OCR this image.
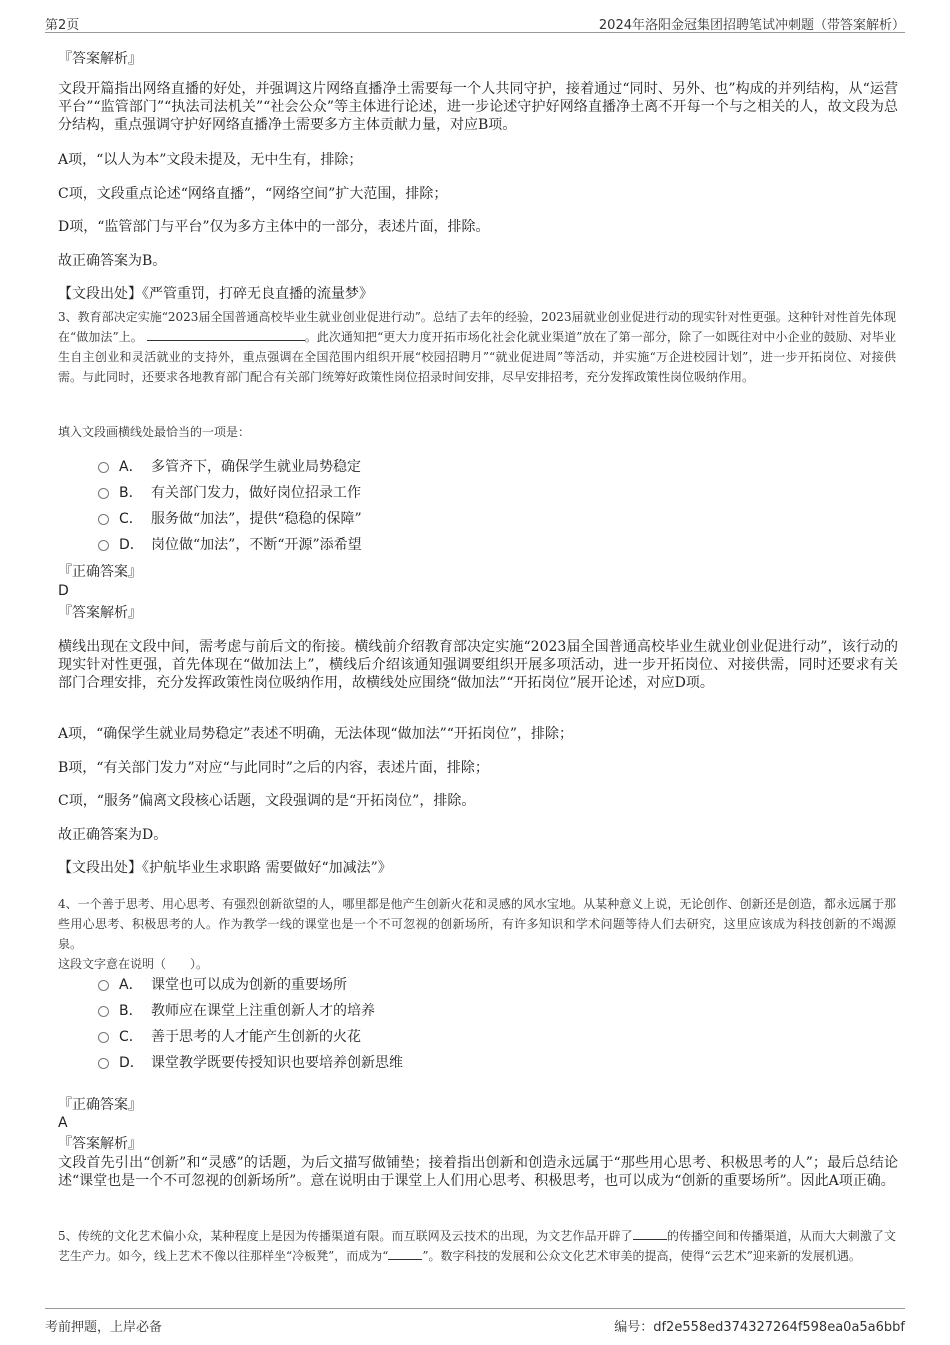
第2页	2024年洛阳金冠集团招聘笔试冲刺题（带答案解析）

『答案解析』

文段开篇指出网络直播的好处，并强调这片网络直播净土需要每一个人共同守护，接着通过“同时、另外、也”构成的并列结构，从“运营平台”“监管部门”“执法司法机关”“社会公众”等主体进行论述，进一步论述守护好网络直播净土离不开每一个与之相关的人，故文段为总分结构，重点强调守护好网络直播净土需要多方主体贡献力量，对应B项。

A项，“以人为本”文段未提及，无中生有，排除；

C项，文段重点论述“网络直播”，“网络空间”扩大范围，排除；

D项，“监管部门与平台”仅为多方主体中的一部分，表述片面，排除。

故正确答案为B。

【文段出处】《严管重罚，打碎无良直播的流量梦》

3、教育部决定实施“2023届全国普通高校毕业生就业创业促进行动”。总结了去年的经验，2023届就业创业促进行动的现实针对性更强。这种针对性首先体现在“做加法”上。	。此次通知把“更大力度开拓市场化社会化就业渠道”放在了第一部分，除了一如既往对中小企业的鼓励、对毕业生自主创业和灵活就业的支持外，重点强调在全国范围内组织开展“校园招聘月”“就业促进周”等活动，并实施“万企进校园计划”，进一步开拓岗位、对接供需。与此同时，还要求各地教育部门配合有关部门统筹好政策性岗位招录时间安排，尽早安排招考，充分发挥政策性岗位吸纳作用。

填入文段画横线处最恰当的一项是：

A． 多管齐下，确保学生就业局势稳定
B． 有关部门发力，做好岗位招录工作
C． 服务做“加法”，提供“稳稳的保障”
D． 岗位做“加法”，不断“开源”添希望

『正确答案』

D

『答案解析』

横线出现在文段中间，需考虑与前后文的衔接。横线前介绍教育部决定实施“2023届全国普通高校毕业生就业创业促进行动”，该行动的现实针对性更强，首先体现在“做加法上”，横线后介绍该通知强调要组织开展多项活动，进一步开拓岗位、对接供需，同时还要求有关部门合理安排，充分发挥政策性岗位吸纳作用，故横线处应围绕“做加法”“开拓岗位”展开论述，对应D项。

A项，“确保学生就业局势稳定”表述不明确，无法体现“做加法”“开拓岗位”，排除；

B项，“有关部门发力”对应“与此同时”之后的内容，表述片面，排除；

C项，“服务”偏离文段核心话题，文段强调的是“开拓岗位”，排除。

故正确答案为D。

【文段出处】《护航毕业生求职路 需要做好“加减法”》

4、一个善于思考、用心思考、有强烈创新欲望的人，哪里都是他产生创新火花和灵感的风水宝地。从某种意义上说，无论创作、创新还是创造，都永远属于那些用心思考、积极思考的人。作为教学一线的课堂也是一个不可忽视的创新场所，有许多知识和学术问题等待人们去研究，这里应该成为科技创新的不竭源泉。

这段文字意在说明（　　）。

A． 课堂也可以成为创新的重要场所
B． 教师应在课堂上注重创新人才的培养
C． 善于思考的人才能产生创新的火花
D． 课堂教学既要传授知识也要培养创新思维

『正确答案』

A

『答案解析』

文段首先引出“创新”和“灵感”的话题，为后文描写做铺垫；接着指出创新和创造永远属于“那些用心思考、积极思考的人”；最后总结论述“课堂也是一个不可忽视的创新场所”。意在说明由于课堂上人们用心思考、积极思考，也可以成为“创新的重要场所”。因此A项正确。

5、传统的文化艺术偏小众，某种程度上是因为传播渠道有限。而互联网及云技术的出现，为文艺作品开辟了	的传播空间和传播渠道，从而大大刺激了文艺生产力。如今，线上艺术不像以往那样坐“冷板凳”，而成为“	”。数字科技的发展和公众文化艺术审美的提高，使得“云艺术”迎来新的发展机遇。

考前押题，上岸必备	编号：df2e558ed374327264f598ea0a5a6bbf
